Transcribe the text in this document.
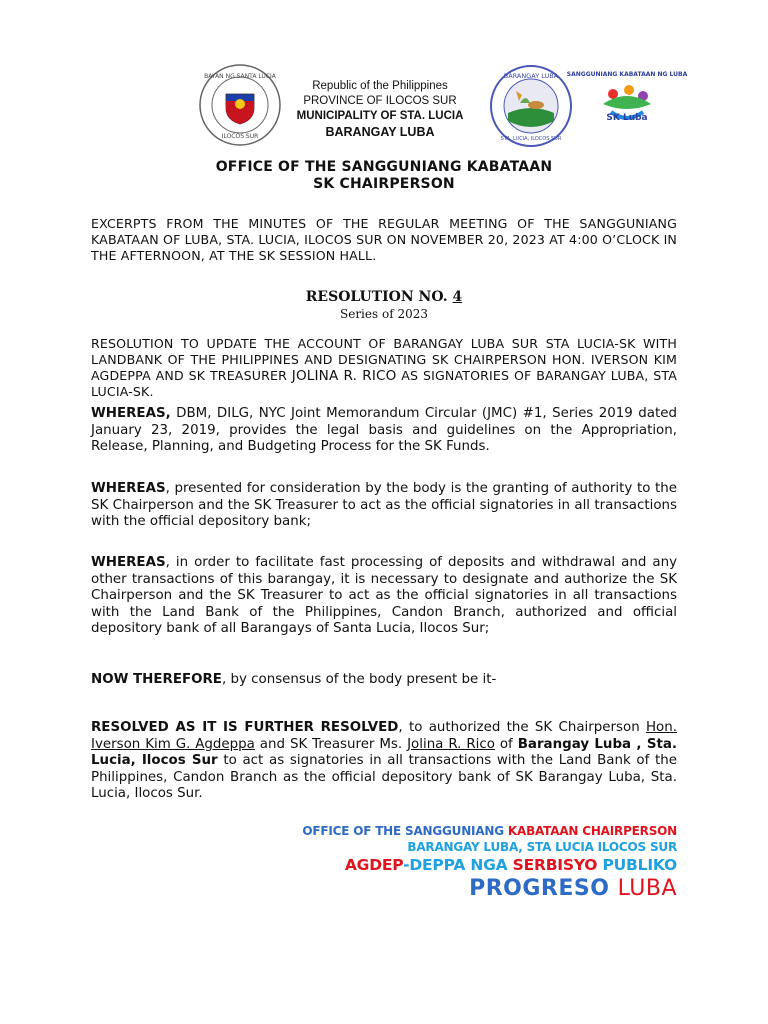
BAYAN NG SANTA LUCIA
ILOCOS SUR
BARANGAY LUBA
STA. LUCIA, ILOCOS SUR
SANGGUNIANG KABATAAN NG LUBA
SK Luba
Republic of the Philippines
PROVINCE OF ILOCOS SUR
MUNICIPALITY OF STA. LUCIA
BARANGAY LUBA
OFFICE OF THE SANGGUNIANG KABATAAN
SK CHAIRPERSON
EXCERPTS FROM THE MINUTES OF THE REGULAR MEETING OF THE SANGGUNIANG KABATAAN OF LUBA, STA. LUCIA, ILOCOS SUR ON NOVEMBER 20, 2023 AT 4:00 O’CLOCK IN THE AFTERNOON, AT THE SK SESSION HALL.
RESOLUTION NO. 4
Series of 2023
RESOLUTION TO UPDATE THE ACCOUNT OF BARANGAY LUBA SUR STA LUCIA-SK WITH LANDBANK OF THE PHILIPPINES AND DESIGNATING SK CHAIRPERSON HON. IVERSON KIM AGDEPPA AND SK TREASURER JOLINA R. RICO AS SIGNATORIES OF BARANGAY LUBA, STA LUCIA-SK.
WHEREAS, DBM, DILG, NYC Joint Memorandum Circular (JMC) #1, Series 2019 dated January 23, 2019, provides the legal basis and guidelines on the Appropriation, Release, Planning, and Budgeting Process for the SK Funds.
WHEREAS, presented for consideration by the body is the granting of authority to the SK Chairperson and the SK Treasurer to act as the official signatories in all transactions with the official depository bank;
WHEREAS, in order to facilitate fast processing of deposits and withdrawal and any other transactions of this barangay, it is necessary to designate and authorize the SK Chairperson and the SK Treasurer to act as the official signatories in all transactions with the Land Bank of the Philippines, Candon Branch, authorized and official depository bank of all Barangays of Santa Lucia, Ilocos Sur;
NOW THEREFORE, by consensus of the body present be it-
RESOLVED AS IT IS FURTHER RESOLVED, to authorized the SK Chairperson Hon. Iverson Kim G. Agdeppa and SK Treasurer Ms. Jolina R. Rico of Barangay Luba , Sta. Lucia, Ilocos Sur to act as signatories in all transactions with the Land Bank of the Philippines, Candon Branch as the official depository bank of SK Barangay Luba, Sta. Lucia, Ilocos Sur.
OFFICE OF THE SANGGUNIANG KABATAAN CHAIRPERSON
BARANGAY LUBA, STA LUCIA ILOCOS SUR
AGDEP-DEPPA NGA SERBISYO PUBLIKO
PROGRESO LUBA
